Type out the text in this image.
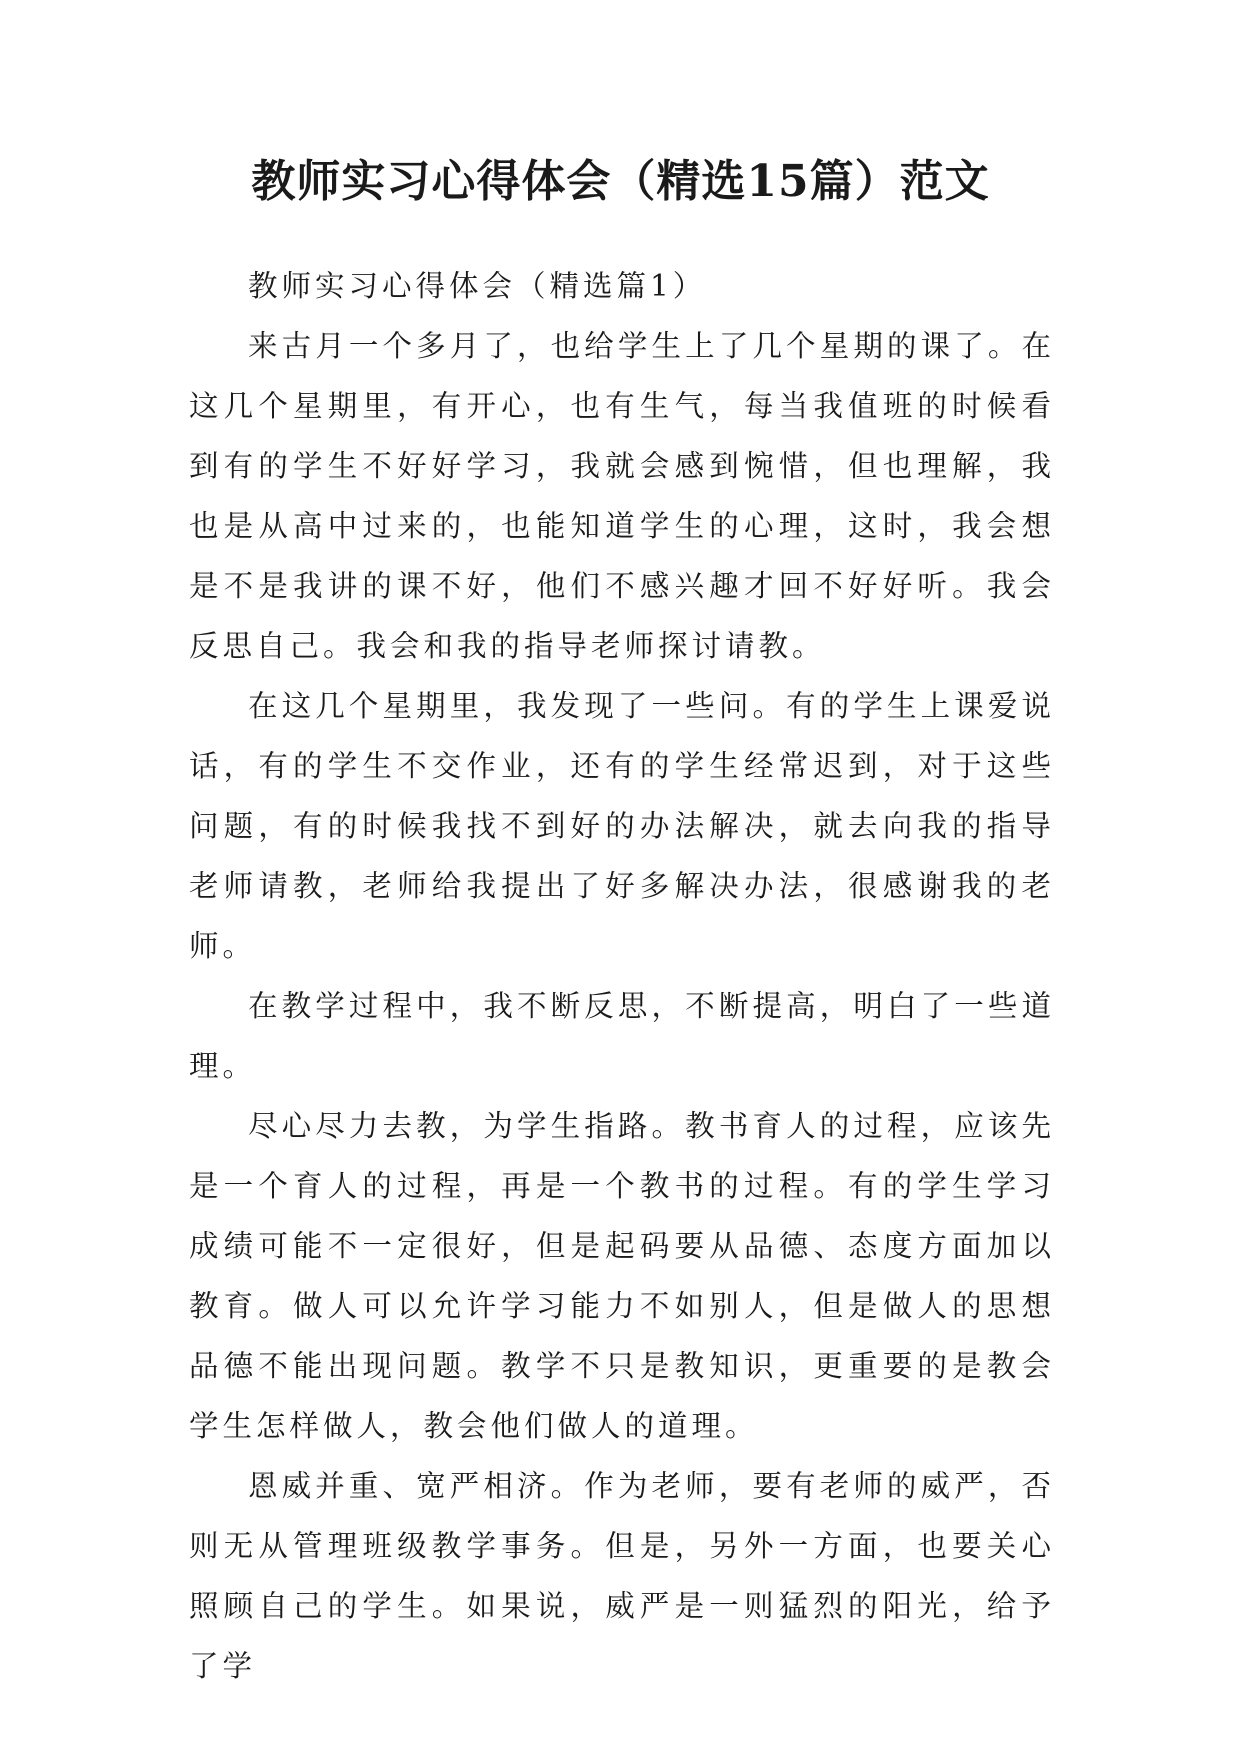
教师实习心得体会（精选15篇）范文

教师实习心得体会（精选篇1）

来古月一个多月了，也给学生上了几个星期的课了。在这几个星期里，有开心，也有生气，每当我值班的时候看到有的学生不好好学习，我就会感到惋惜，但也理解，我也是从高中过来的，也能知道学生的心理，这时，我会想是不是我讲的课不好，他们不感兴趣才回不好好听。我会反思自己。我会和我的指导老师探讨请教。

在这几个星期里，我发现了一些问。有的学生上课爱说话，有的学生不交作业，还有的学生经常迟到，对于这些问题，有的时候我找不到好的办法解决，就去向我的指导老师请教，老师给我提出了好多解决办法，很感谢我的老师。

在教学过程中，我不断反思，不断提高，明白了一些道理。

尽心尽力去教，为学生指路。教书育人的过程，应该先是一个育人的过程，再是一个教书的过程。有的学生学习成绩可能不一定很好，但是起码要从品德、态度方面加以教育。做人可以允许学习能力不如别人，但是做人的思想品德不能出现问题。教学不只是教知识，更重要的是教会学生怎样做人，教会他们做人的道理。

恩威并重、宽严相济。作为老师，要有老师的威严，否则无从管理班级教学事务。但是，另外一方面，也要关心照顾自己的学生。如果说，威严是一则猛烈的阳光，给予了学
